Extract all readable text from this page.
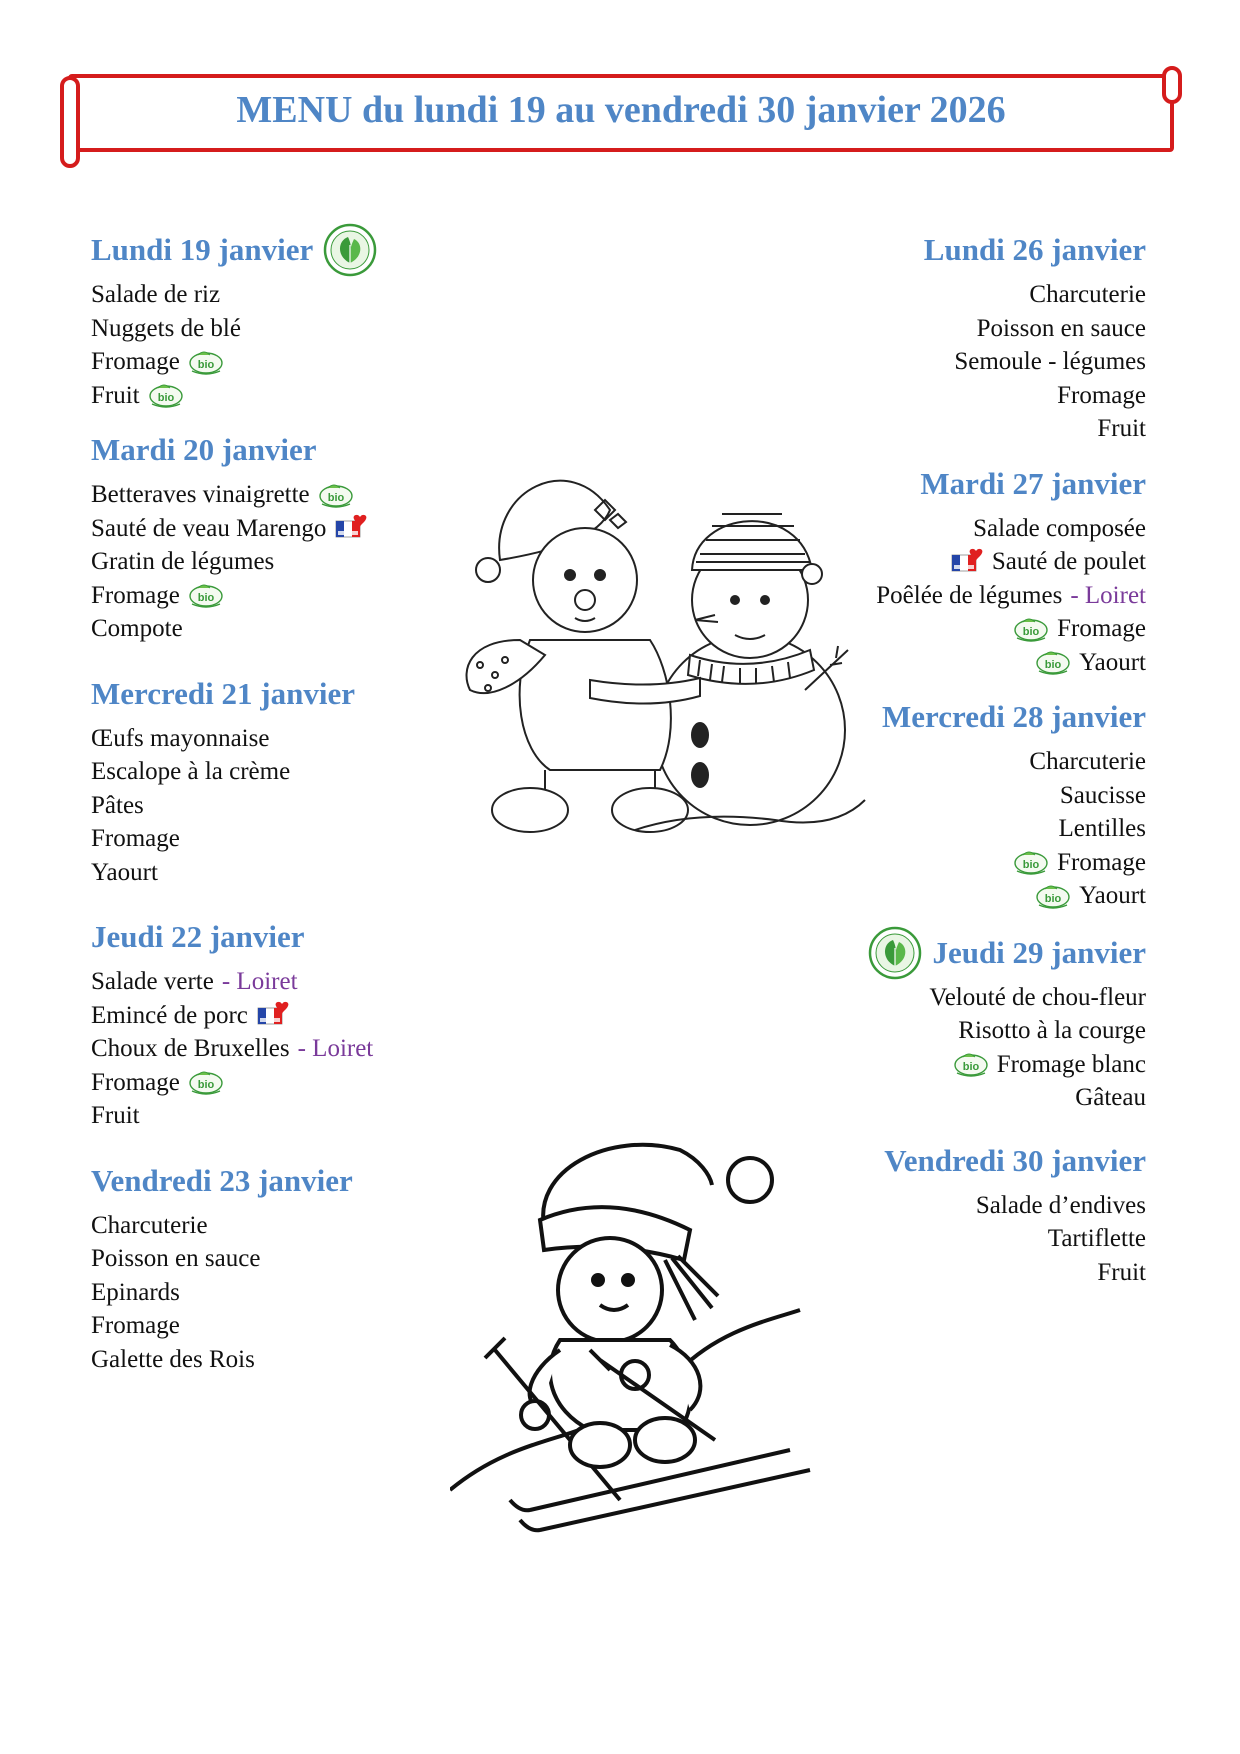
MENU du lundi 19 au vendredi 30 janvier 2026
Lundi 19 janvier
Salade de riz
Nuggets de blé
Fromage
Fruit
Mardi 20 janvier
Betteraves vinaigrette
Sauté de veau Marengo
Gratin de légumes
Fromage
Compote
Mercredi 21 janvier
Œufs mayonnaise
Escalope à la crème
Pâtes
Fromage
Yaourt
Jeudi 22 janvier
Salade verte - Loiret
Emincé de porc
Choux de Bruxelles - Loiret
Fromage
Fruit
Vendredi 23 janvier
Charcuterie
Poisson en sauce
Epinards
Fromage
Galette des Rois
Lundi 26 janvier
Charcuterie
Poisson en sauce
Semoule - légumes
Fromage
Fruit
Mardi 27 janvier
Salade composée
Sauté de poulet
Poêlée de légumes - Loiret
Fromage
Yaourt
Mercredi 28 janvier
Charcuterie
Saucisse
Lentilles
Fromage
Yaourt
Jeudi 29 janvier
Velouté de chou-fleur
Risotto à la courge
Fromage blanc
Gâteau
Vendredi 30 janvier
Salade d’endives
Tartiflette
Fruit
